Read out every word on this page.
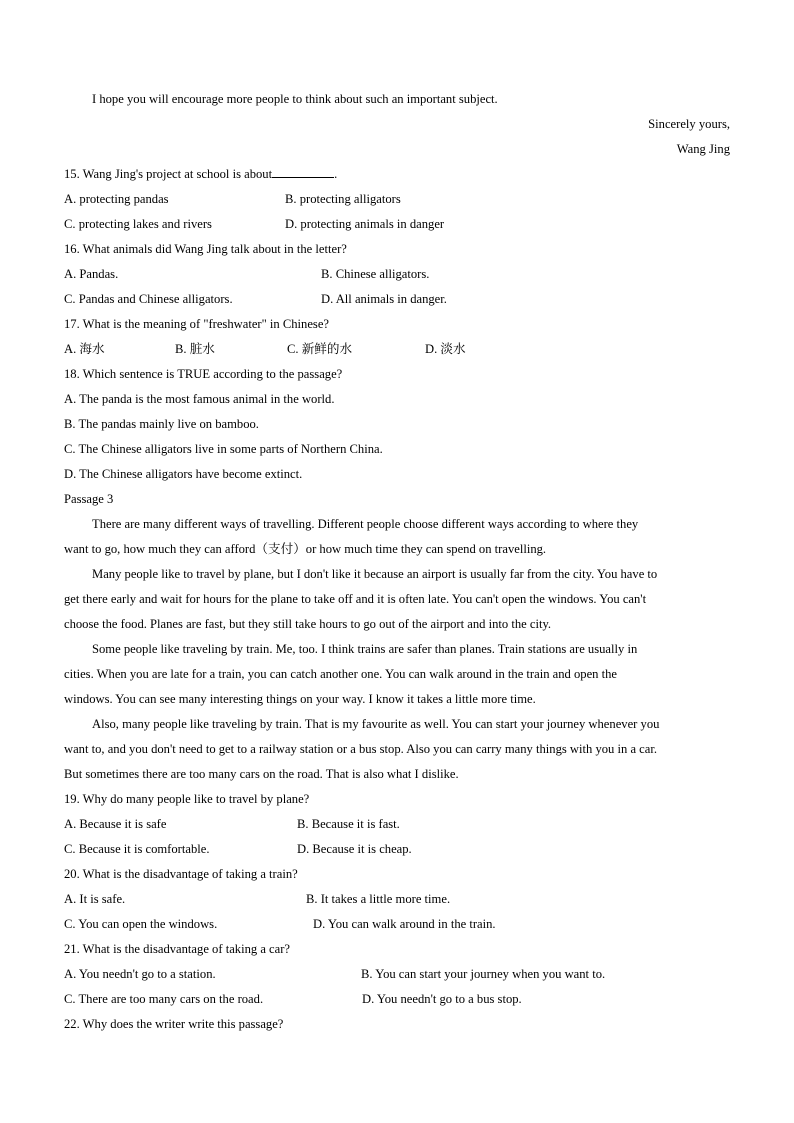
I hope you will encourage more people to think about such an important subject.
Sincerely yours,
Wang Jing
15. Wang Jing's project at school is about	.
A. protecting pandas	B. protecting alligators
C. protecting lakes and rivers	D. protecting animals in danger
16. What animals did Wang Jing talk about in the letter?
A. Pandas.	B. Chinese alligators.
C. Pandas and Chinese alligators.	D. All animals in danger.
17. What is the meaning of "freshwater" in Chinese?
A. 海水	B. 脏水	C. 新鲜的水	D. 淡水
18. Which sentence is TRUE according to the passage?
A. The panda is the most famous animal in the world.
B. The pandas mainly live on bamboo.
C. The Chinese alligators live in some parts of Northern China.
D. The Chinese alligators have become extinct.
Passage 3
There are many different ways of travelling. Different people choose different ways according to where they
want to go, how much they can afford（支付）or how much time they can spend on travelling.
Many people like to travel by plane, but I don't like it because an airport is usually far from the city. You have to
get there early and wait for hours for the plane to take off and it is often late. You can't open the windows. You can't
choose the food. Planes are fast, but they still take hours to go out of the airport and into the city.
Some people like traveling by train. Me, too. I think trains are safer than planes. Train stations are usually in
cities. When you are late for a train, you can catch another one. You can walk around in the train and open the
windows. You can see many interesting things on your way. I know it takes a little more time.
Also, many people like traveling by train. That is my favourite as well. You can start your journey whenever you
want to, and you don't need to get to a railway station or a bus stop. Also you can carry many things with you in a car.
But sometimes there are too many cars on the road. That is also what I dislike.
19. Why do many people like to travel by plane?
A. Because it is safe	B. Because it is fast.
C. Because it is comfortable.	D. Because it is cheap.
20. What is the disadvantage of taking a train?
A. It is safe.	B. It takes a little more time.
C. You can open the windows.	D. You can walk around in the train.
21. What is the disadvantage of taking a car?
A. You needn't go to a station.	B. You can start your journey when you want to.
C. There are too many cars on the road.	D. You needn't go to a bus stop.
22. Why does the writer write this passage?
